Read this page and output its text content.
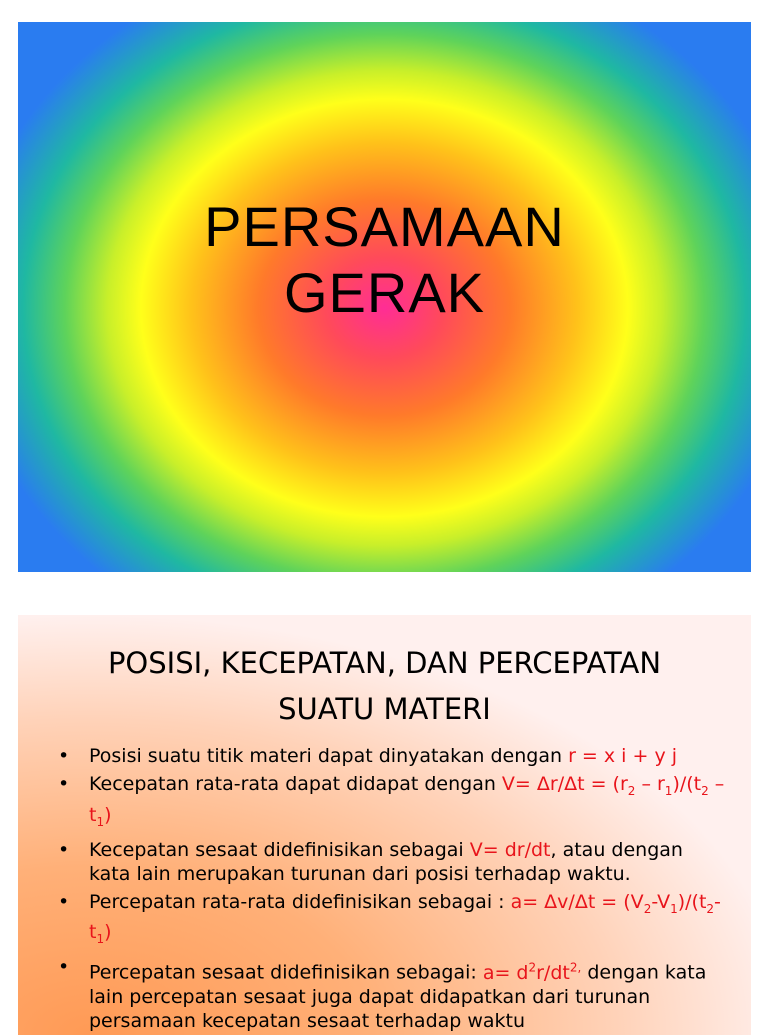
PERSAMAAN
GERAK
POSISI, KECEPATAN, DAN PERCEPATAN
SUATU MATERI
• Posisi suatu titik materi dapat dinyatakan dengan r = x i + y j
• Kecepatan rata-rata dapat didapat dengan $V= \Delta r/\Delta t = (r_2 - r_1)/(t_2 - t_1)$
• Kecepatan sesaat didefinisikan sebagai V= dr/dt, atau dengan kata lain merupakan turunan dari posisi terhadap waktu.
• Percepatan rata-rata didefinisikan sebagai : $a= \Delta v/\Delta t = (V_2-V_1)/(t_2-t_1)$
• Percepatan sesaat didefinisikan sebagai: $a= d^2r/dt^{2,}$ dengan kata lain percepatan sesaat juga dapat didapatkan dari turunan persamaan kecepatan sesaat terhadap waktu
